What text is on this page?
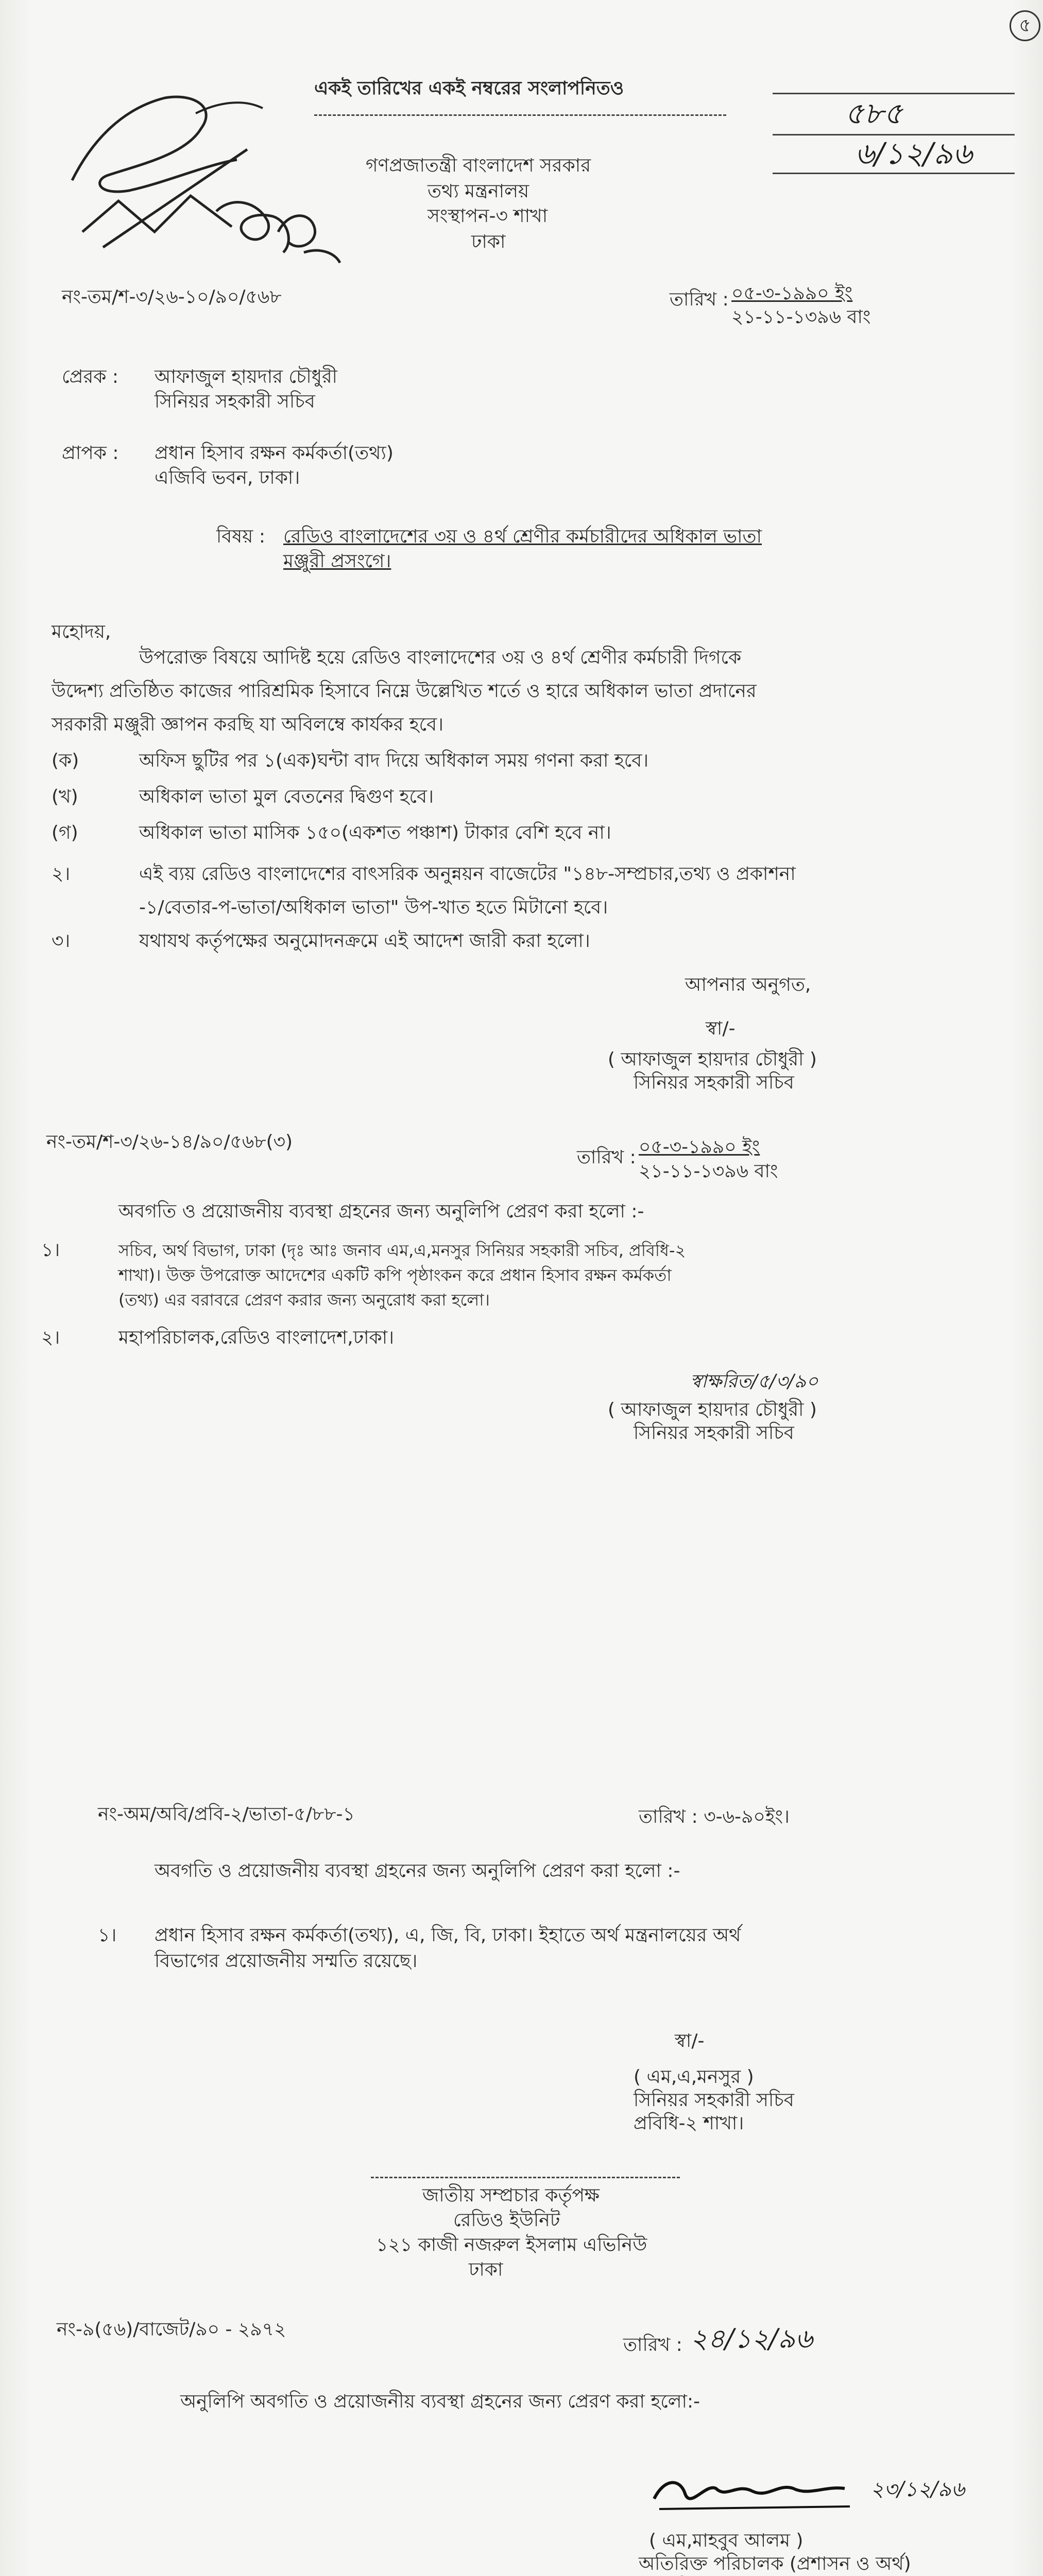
৫
একই তারিখের একই নম্বরের সংলাপনিতও
৫৮৫
৬/১২/৯৬
গণপ্রজাতন্ত্রী বাংলাদেশ সরকার
তথ্য মন্ত্রনালয়
সংস্থাপন-৩ শাখা
ঢাকা
নং-তম/শ-৩/২৬-১০/৯০/৫৬৮	তারিখ : ০৫-৩-১৯৯০ ইং
২১-১১-১৩৯৬ বাং
প্রেরক : আফাজুল হায়দার চৌধুরী
সিনিয়র সহকারী সচিব
প্রাপক : প্রধান হিসাব রক্ষন কর্মকর্তা(তথ্য)
এজিবি ভবন, ঢাকা।
বিষয় : রেডিও বাংলাদেশের ৩য় ও ৪র্থ শ্রেণীর কর্মচারীদের অধিকাল ভাতা
মঞ্জুরী প্রসংগে।
মহোদয়,
উপরোক্ত বিষয়ে আদিষ্ট হয়ে রেডিও বাংলাদেশের ৩য় ও ৪র্থ শ্রেণীর কর্মচারী দিগকে
উদ্দেশ্য প্রতিষ্ঠিত কাজের পারিশ্রমিক হিসাবে নিম্নে উল্লেখিত শর্তে ও হারে অধিকাল ভাতা প্রদানের
সরকারী মঞ্জুরী জ্ঞাপন করছি যা অবিলম্বে কার্যকর হবে।
(ক)	অফিস ছুটির পর ১(এক)ঘন্টা বাদ দিয়ে অধিকাল সময় গণনা করা হবে।
(খ)	অধিকাল ভাতা মুল বেতনের দ্বিগুণ হবে।
(গ)	অধিকাল ভাতা মাসিক ১৫০(একশত পঞ্চাশ) টাকার বেশি হবে না।
২।	এই ব্যয় রেডিও বাংলাদেশের বাৎসরিক অনুন্নয়ন বাজেটের "১৪৮-সম্প্রচার,তথ্য ও প্রকাশনা
-১/বেতার-প-ভাতা/অধিকাল ভাতা" উপ-খাত হতে মিটানো হবে।
৩।	যথাযথ কর্তৃপক্ষের অনুমোদনক্রমে এই আদেশ জারী করা হলো।
আপনার অনুগত,
স্বা/-
( আফাজুল হায়দার চৌধুরী )
সিনিয়র সহকারী সচিব
নং-তম/শ-৩/২৬-১৪/৯০/৫৬৮(৩)
তারিখ : ০৫-৩-১৯৯০ ইং
২১-১১-১৩৯৬ বাং
অবগতি ও প্রয়োজনীয় ব্যবস্থা গ্রহনের জন্য অনুলিপি প্রেরণ করা হলো :-
১।	সচিব, অর্থ বিভাগ, ঢাকা (দৃঃ আঃ জনাব এম,এ,মনসুর সিনিয়র সহকারী সচিব, প্রবিধি-২
শাখা)। উক্ত উপরোক্ত আদেশের একটি কপি পৃষ্ঠাংকন করে প্রধান হিসাব রক্ষন কর্মকর্তা
(তথ্য) এর বরাবরে প্রেরণ করার জন্য অনুরোধ করা হলো।
২।	মহাপরিচালক,রেডিও বাংলাদেশ,ঢাকা।
স্বাক্ষরিত/৫/৩/৯০
( আফাজুল হায়দার চৌধুরী )
সিনিয়র সহকারী সচিব
নং-অম/অবি/প্রবি-২/ভাতা-৫/৮৮-১	তারিখ : ৩-৬-৯০ইং।
অবগতি ও প্রয়োজনীয় ব্যবস্থা গ্রহনের জন্য অনুলিপি প্রেরণ করা হলো :-
১। প্রধান হিসাব রক্ষন কর্মকর্তা(তথ্য), এ, জি, বি, ঢাকা। ইহাতে অর্থ মন্ত্রনালয়ের অর্থ
বিভাগের প্রয়োজনীয় সম্মতি রয়েছে।
স্বা/-
( এম,এ,মনসুর )
সিনিয়র সহকারী সচিব
প্রবিধি-২ শাখা।
জাতীয় সম্প্রচার কর্তৃপক্ষ
রেডিও ইউনিট
১২১ কাজী নজরুল ইসলাম এভিনিউ
ঢাকা
নং-৯(৫৬)/বাজেট/৯০ - ২৯৭২
তারিখ : ২৪/১২/৯৬
অনুলিপি অবগতি ও প্রয়োজনীয় ব্যবস্থা গ্রহনের জন্য প্রেরণ করা হলো:-
২৩/১২/৯৬
( এম,মাহবুব আলম )
অতিরিক্ত পরিচালক (প্রশাসন ও অর্থ)
